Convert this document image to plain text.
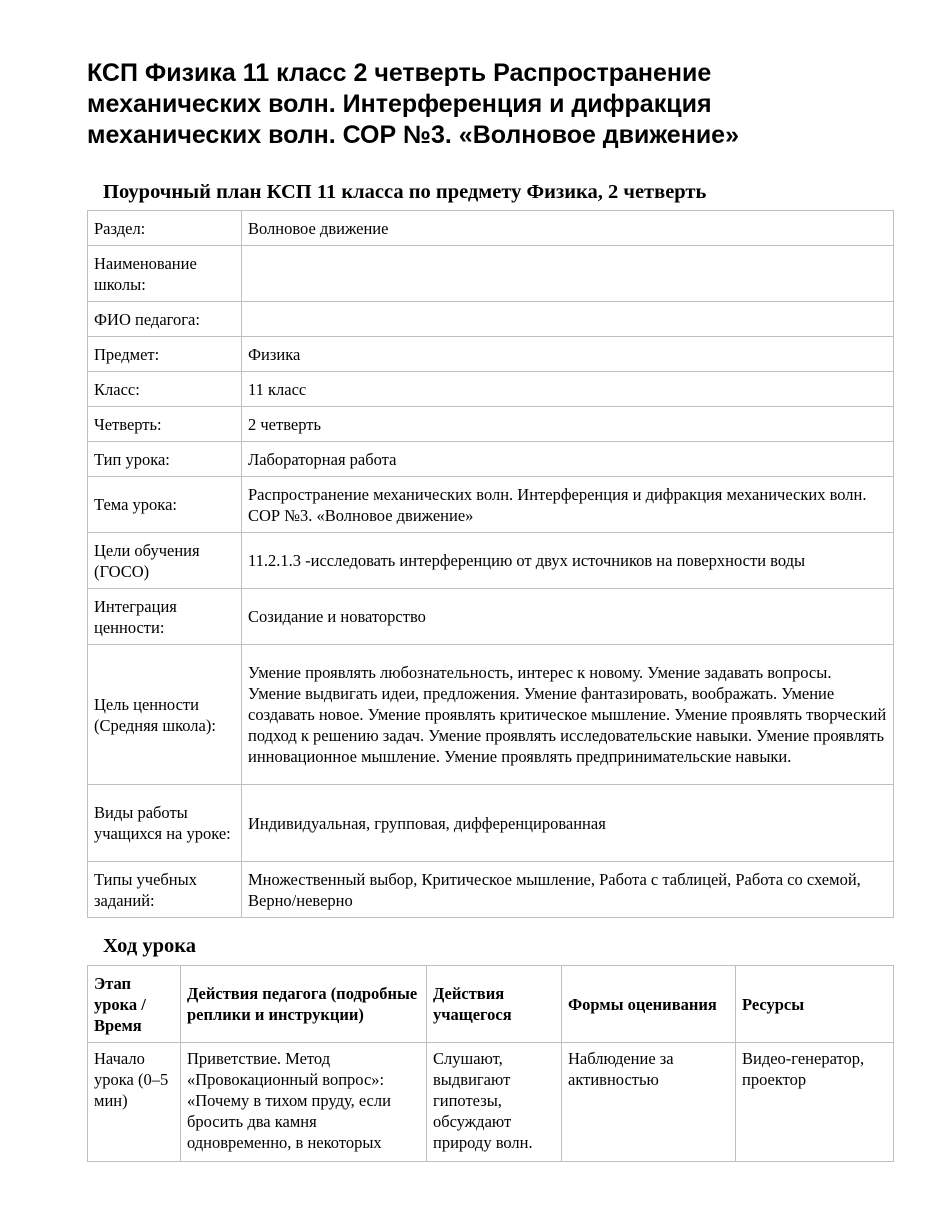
КСП Физика 11 класс 2 четверть Распространение механических волн. Интерференция и дифракция механических волн. СОР №3. «Волновое движение»
Поурочный план КСП 11 класса по предмету Физика, 2 четверть
Раздел:	Волновое движение
Наименование школы:	
ФИО педагога:	
Предмет:	Физика
Класс:	11 класс
Четверть:	2 четверть
Тип урока:	Лабораторная работа
Тема урока:	Распространение механических волн. Интерференция и дифракция механических волн. СОР №3. «Волновое движение»
Цели обучения (ГОСО)	11.2.1.3 -исследовать интерференцию от двух источников на поверхности воды
Интеграция ценности:	Созидание и новаторство
Цель ценности (Средняя школа):	Умение проявлять любознательность, интерес к новому. Умение задавать вопросы. Умение выдвигать идеи, предложения. Умение фантазировать, воображать. Умение создавать новое. Умение проявлять критическое мышление. Умение проявлять творческий подход к решению задач. Умение проявлять исследовательские навыки. Умение проявлять инновационное мышление. Умение проявлять предпринимательские навыки.
Виды работы учащихся на уроке:	Индивидуальная, групповая, дифференцированная
Типы учебных заданий:	Множественный выбор, Критическое мышление, Работа с таблицей, Работа со схемой, Верно/неверно
Ход урока
Этап урока / Время	Действия педагога (подробные реплики и инструкции)	Действия учащегося	Формы оценивания	Ресурсы
Начало урока (0–5 мин)	Приветствие. Метод «Провокационный вопрос»: «Почему в тихом пруду, если бросить два камня одновременно, в некоторых	Слушают, выдвигают гипотезы, обсуждают природу волн.	Наблюдение за активностью	Видео-генератор, проектор
